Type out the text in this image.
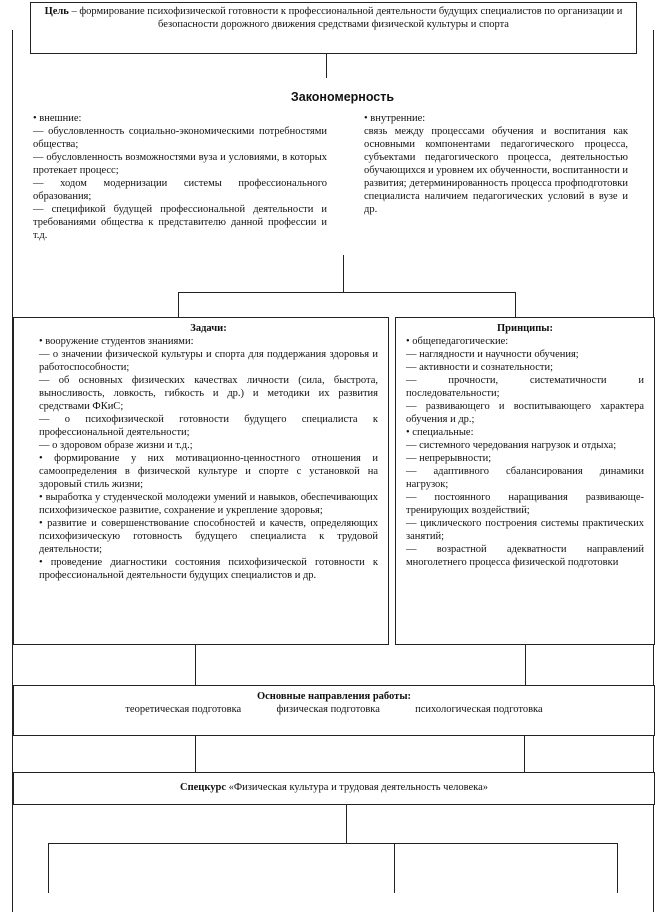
Цель – формирование психофизической готовности к профессиональной деятельности будущих специалистов по организации и безопасности дорожного движения средствами физической культуры и спорта
Закономерность
• внешние:
— обусловленность социально-экономическими потребностями общества;
— обусловленность возможностями вуза и условиями, в которых протекает процесс;
— ходом модернизации системы профессионального образования;
— спецификой будущей профессиональной деятельности и требованиями общества к представителю данной профессии и т.д.
• внутренние:
связь между процессами обучения и воспитания как основными компонентами педагогического процесса, субъектами педагогического процесса, деятельностью обучающихся и уровнем их обученности, воспитанности и развития; детерминированность процесса профподготовки специалиста наличием педагогических условий в вузе и др.
Задачи:
• вооружение студентов знаниями:
— о значении физической культуры и спорта для поддержания здоровья и работоспособности;
— об основных физических качествах личности (сила, быстрота, выносливость, ловкость, гибкость и др.) и методики их развития средствами ФКиС;
— о психофизической готовности будущего специалиста к профессиональной деятельности;
— о здоровом образе жизни и т.д.;
• формирование у них мотивационно-ценностного отношения и самоопределения в физической культуре и спорте с установкой на здоровый стиль жизни;
• выработка у студенческой молодежи умений и навыков, обеспечивающих психофизическое развитие, сохранение и укрепление здоровья;
• развитие и совершенствование способностей и качеств, определяющих психофизическую готовность будущего специалиста к трудовой деятельности;
• проведение диагностики состояния психофизической готовности к профессиональной деятельности будущих специалистов и др.
Принципы:
• общепедагогические:
— наглядности и научности обучения;
— активности и сознательности;
— прочности, систематичности и последовательности;
— развивающего и воспитывающего характера обучения и др.;
• специальные:
— системного чередования нагрузок и отдыха;
— непрерывности;
— адаптивного сбалансирования динамики нагрузок;
— постоянного наращивания развивающе-тренирующих воздействий;
— циклического построения системы практических занятий;
— возрастной адекватности направлений многолетнего процесса физической подготовки
Основные направления работы:
теоретическая подготовка	физическая подготовка	психологическая подготовка
Спецкурс «Физическая культура и трудовая деятельность человека»
